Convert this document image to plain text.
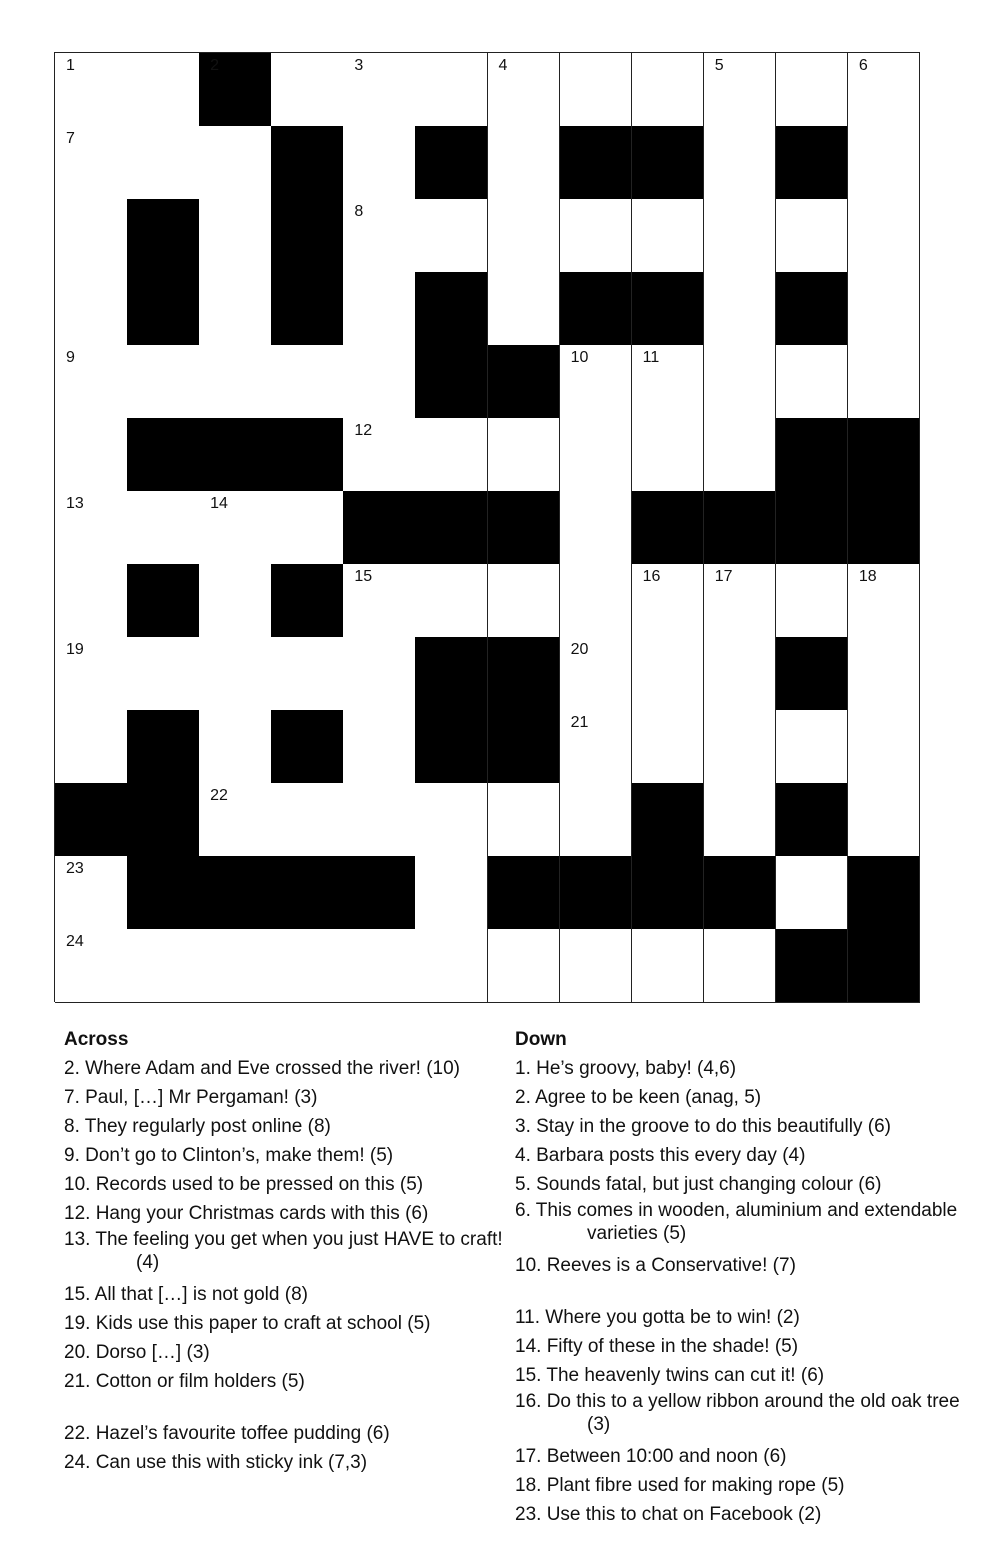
1	2	3	4	5	6
7
8
9	10	11
12
13	14
15	16	17	18
19	20
21
22
23
24
Across
2. Where Adam and Eve crossed the river! (10)
7. Paul, […] Mr Pergaman! (3)
8. They regularly post online (8)
9. Don’t go to Clinton’s, make them! (5)
10. Records used to be pressed on this (5)
12. Hang your Christmas cards with this (6)
13. The feeling you get when you just HAVE to craft! (4)
15. All that […] is not gold (8)
19. Kids use this paper to craft at school (5)
20. Dorso […] (3)
21. Cotton or film holders (5)
22. Hazel’s favourite toffee pudding (6)
24. Can use this with sticky ink (7,3)
Down
1. He’s groovy, baby! (4,6)
2. Agree to be keen (anag, 5)
3. Stay in the groove to do this beautifully (6)
4. Barbara posts this every day (4)
5. Sounds fatal, but just changing colour (6)
6. This comes in wooden, aluminium and extendable varieties (5)
10. Reeves is a Conservative! (7)
11. Where you gotta be to win! (2)
14. Fifty of these in the shade! (5)
15. The heavenly twins can cut it! (6)
16. Do this to a yellow ribbon around the old oak tree (3)
17. Between 10:00 and noon (6)
18. Plant fibre used for making rope (5)
23. Use this to chat on Facebook (2)
